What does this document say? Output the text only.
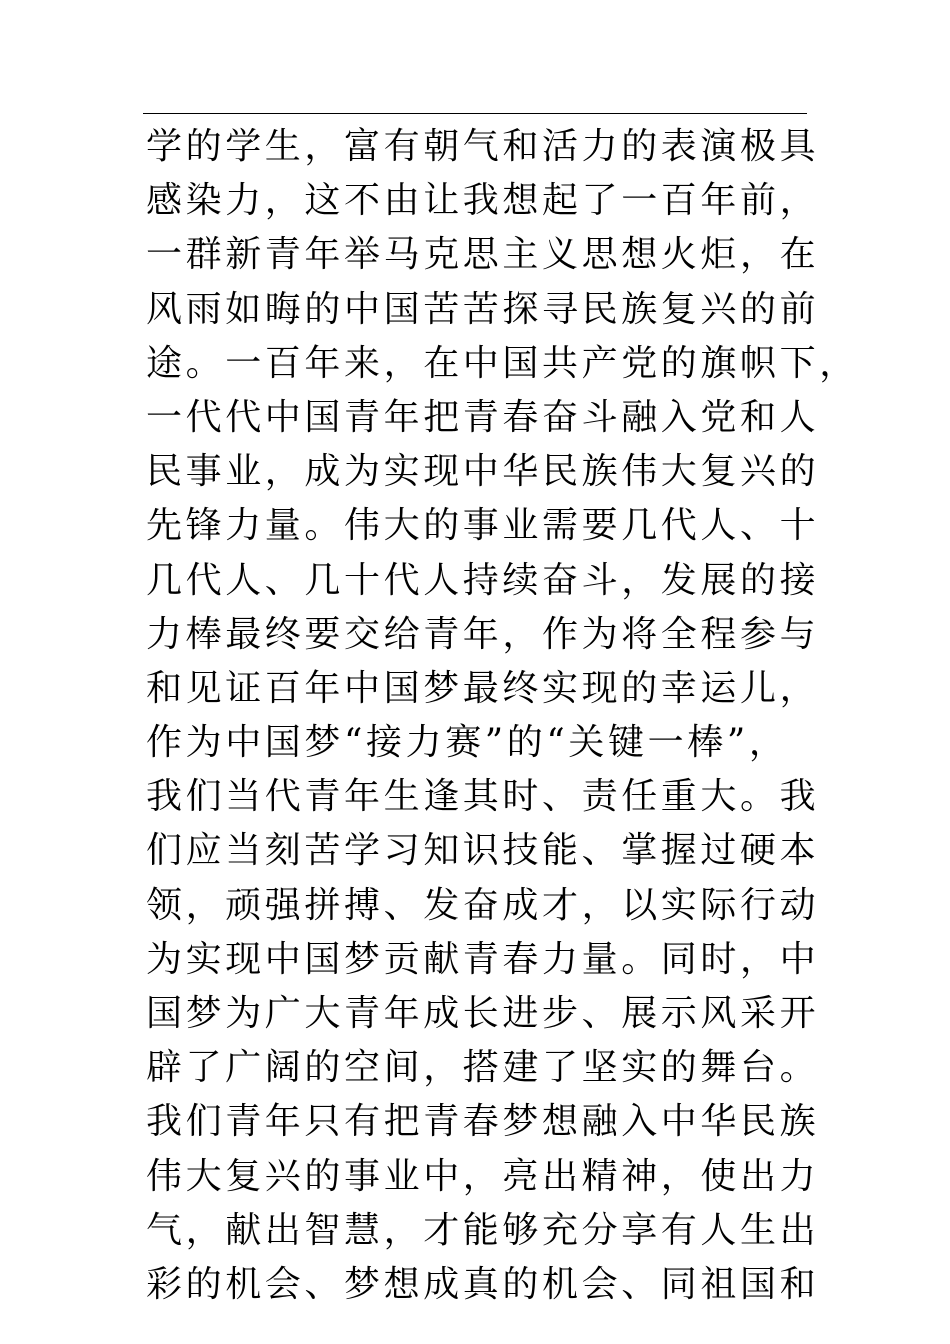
学的学生，富有朝气和活力的表演极具
感染力，这不由让我想起了一百年前，
一群新青年举马克思主义思想火炬，在
风雨如晦的中国苦苦探寻民族复兴的前
途。一百年来，在中国共产党的旗帜下，
一代代中国青年把青春奋斗融入党和人
民事业，成为实现中华民族伟大复兴的
先锋力量。伟大的事业需要几代人、十
几代人、几十代人持续奋斗，发展的接
力棒最终要交给青年，作为将全程参与
和见证百年中国梦最终实现的幸运儿，
作为中国梦“接力赛”的“关键一棒”，
我们当代青年生逢其时、责任重大。我
们应当刻苦学习知识技能、掌握过硬本
领，顽强拼搏、发奋成才，以实际行动
为实现中国梦贡献青春力量。同时，中
国梦为广大青年成长进步、展示风采开
辟了广阔的空间，搭建了坚实的舞台。
我们青年只有把青春梦想融入中华民族
伟大复兴的事业中，亮出精神，使出力
气，献出智慧，才能够充分享有人生出
彩的机会、梦想成真的机会、同祖国和
